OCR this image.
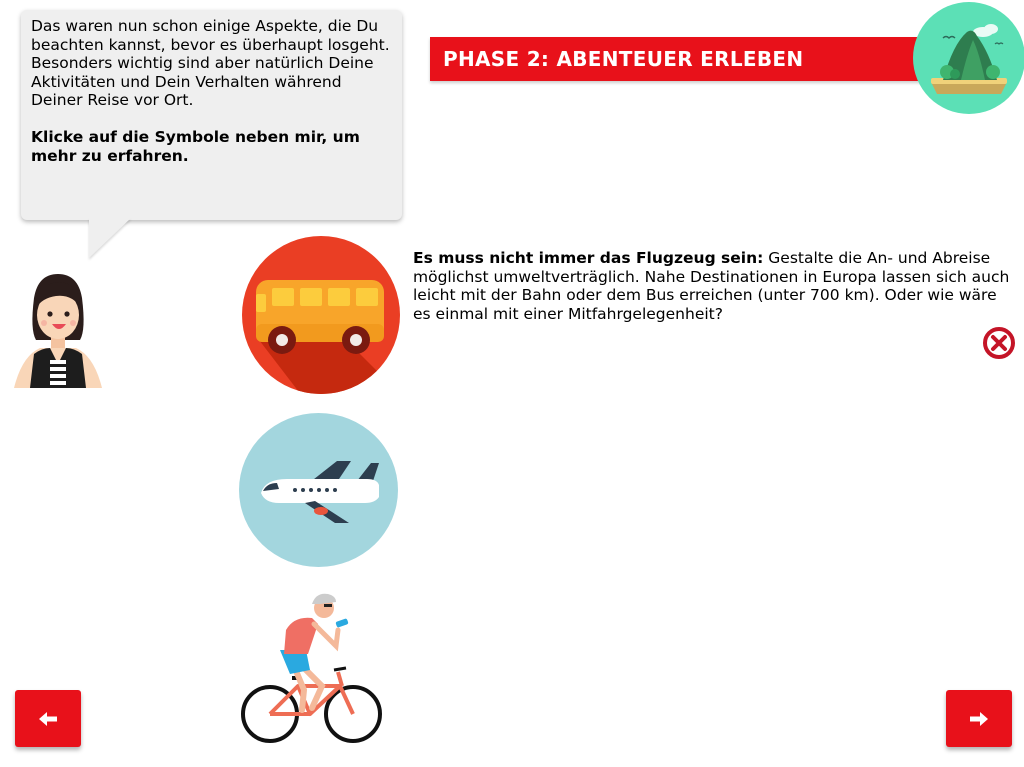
Das waren nun schon einige Aspekte, die Du beachten kannst, bevor es überhaupt losgeht. Besonders wichtig sind aber natürlich Deine Aktivitäten und Dein Verhalten während Deiner Reise vor Ort.

Klicke auf die Symbole neben mir, um mehr zu erfahren.

PHASE 2: ABENTEUER ERLEBEN
Es muss nicht immer das Flugzeug sein: Gestalte die An- und Abreise möglichst umweltverträglich. Nahe Destinationen in Europa lassen sich auch leicht mit der Bahn oder dem Bus erreichen (unter 700 km). Oder wie wäre es einmal mit einer Mitfahrgelegenheit?
